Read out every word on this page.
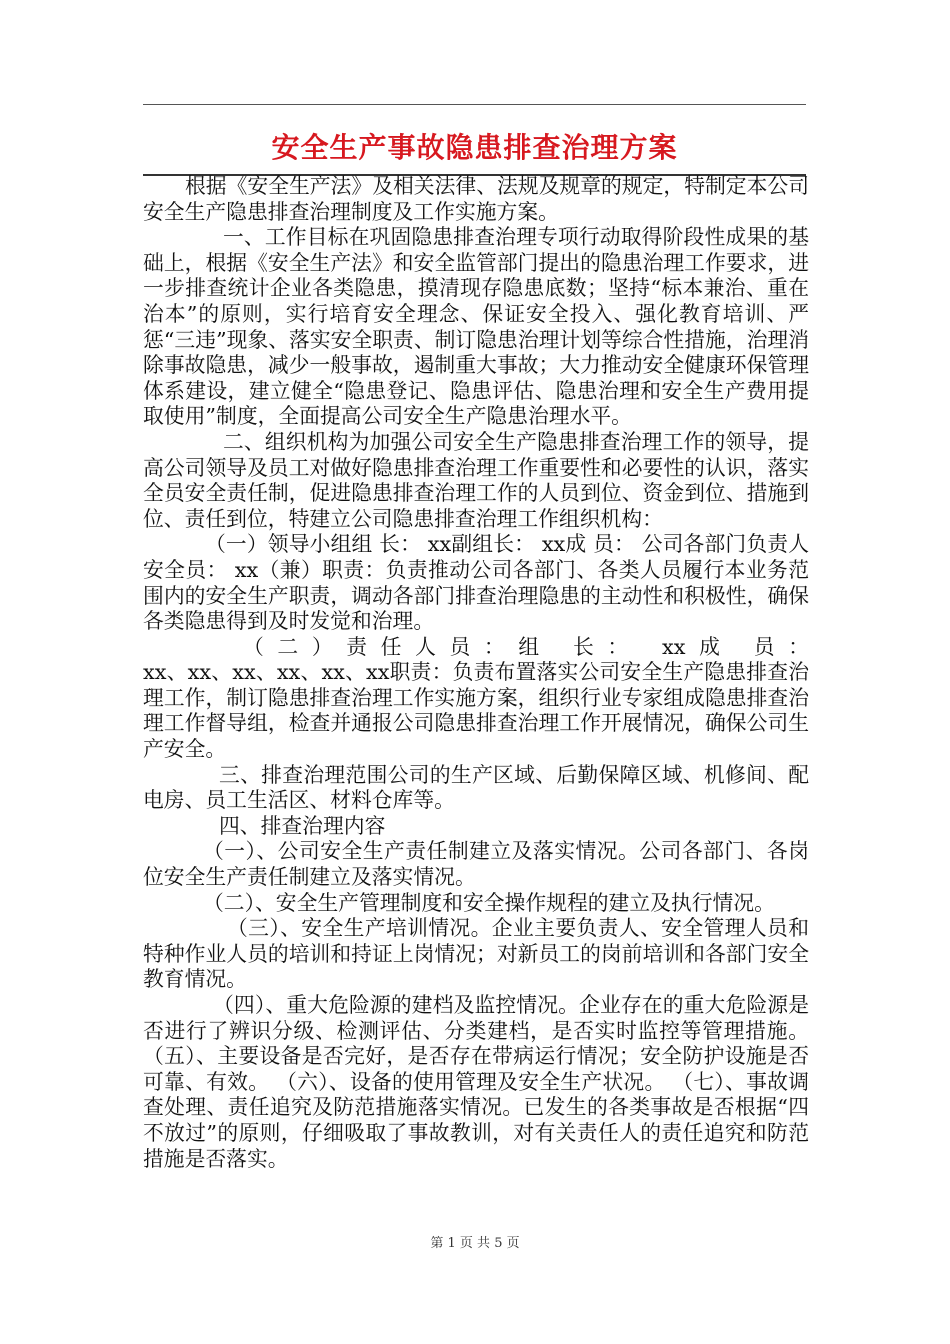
安全生产事故隐患排查治理方案

根据《安全生产法》及相关法律、法规及规章的规定，特制定本公司安全生产隐患排查治理制度及工作实施方案。

一、工作目标在巩固隐患排查治理专项行动取得阶段性成果的基础上，根据《安全生产法》和安全监管部门提出的隐患治理工作要求，进一步排查统计企业各类隐患，摸清现存隐患底数；坚持“标本兼治、重在治本”的原则，实行培育安全理念、保证安全投入、强化教育培训、严惩“三违”现象、落实安全职责、制订隐患治理计划等综合性措施，治理消除事故隐患，减少一般事故，遏制重大事故；大力推动安全健康环保管理体系建设，建立健全“隐患登记、隐患评估、隐患治理和安全生产费用提取使用”制度，全面提高公司安全生产隐患治理水平。

二、组织机构为加强公司安全生产隐患排查治理工作的领导，提高公司领导及员工对做好隐患排查治理工作重要性和必要性的认识，落实全员安全责任制，促进隐患排查治理工作的人员到位、资金到位、措施到位、责任到位，特建立公司隐患排查治理工作组织机构：

（一）领导小组组 长： xx副组长： xx成 员： 公司各部门负责人安全员： xx（兼）职责：负责推动公司各部门、各类人员履行本业务范围内的安全生产职责，调动各部门排查治理隐患的主动性和积极性，确保各类隐患得到及时发觉和治理。

（二）责任人员：组 长： xx成 员：

xx、xx、xx、xx、xx、xx职责：负责布置落实公司安全生产隐患排查治理工作，制订隐患排查治理工作实施方案，组织行业专家组成隐患排查治理工作督导组，检查并通报公司隐患排查治理工作开展情况，确保公司生产安全。

三、排查治理范围公司的生产区域、后勤保障区域、机修间、配电房、员工生活区、材料仓库等。

四、排查治理内容

（一）、公司安全生产责任制建立及落实情况。公司各部门、各岗位安全生产责任制建立及落实情况。

（二）、安全生产管理制度和安全操作规程的建立及执行情况。

（三）、安全生产培训情况。企业主要负责人、安全管理人员和特种作业人员的培训和持证上岗情况；对新员工的岗前培训和各部门安全教育情况。

（四）、重大危险源的建档及监控情况。企业存在的重大危险源是否进行了辨识分级、检测评估、分类建档，是否实时监控等管理措施。 （五）、主要设备是否完好，是否存在带病运行情况；安全防护设施是否可靠、有效。 （六）、设备的使用管理及安全生产状况。 （七）、事故调查处理、责任追究及防范措施落实情况。已发生的各类事故是否根据“四不放过”的原则，仔细吸取了事故教训，对有关责任人的责任追究和防范措施是否落实。

第 1 页 共 5 页
